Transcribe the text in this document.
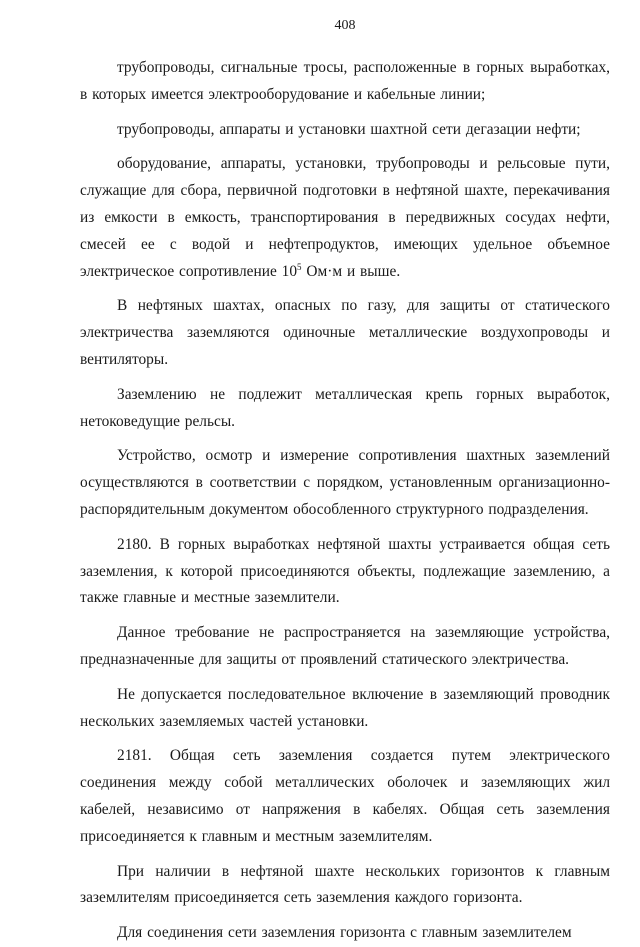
408

трубопроводы, сигнальные тросы, расположенные в горных выработках, в которых имеется электрооборудование и кабельные линии;

трубопроводы, аппараты и установки шахтной сети дегазации нефти;

оборудование, аппараты, установки, трубопроводы и рельсовые пути, служащие для сбора, первичной подготовки в нефтяной шахте, перекачивания из емкости в емкость, транспортирования в передвижных сосудах нефти, смесей ее с водой и нефтепродуктов, имеющих удельное объемное электрическое сопротивление $10^5$ Ом·м и выше.

В нефтяных шахтах, опасных по газу, для защиты от статического электричества заземляются одиночные металлические воздухопроводы и вентиляторы.

Заземлению не подлежит металлическая крепь горных выработок, нетоковедущие рельсы.

Устройство, осмотр и измерение сопротивления шахтных заземлений осуществляются в соответствии с порядком, установленным организационно-распорядительным документом обособленного структурного подразделения.

2180. В горных выработках нефтяной шахты устраивается общая сеть заземления, к которой присоединяются объекты, подлежащие заземлению, а также главные и местные заземлители.

Данное требование не распространяется на заземляющие устройства, предназначенные для защиты от проявлений статического электричества.

Не допускается последовательное включение в заземляющий проводник нескольких заземляемых частей установки.

2181. Общая сеть заземления создается путем электрического соединения между собой металлических оболочек и заземляющих жил кабелей, независимо от напряжения в кабелях. Общая сеть заземления присоединяется к главным и местным заземлителям.

При наличии в нефтяной шахте нескольких горизонтов к главным заземлителям присоединяется сеть заземления каждого горизонта.

Для соединения сети заземления горизонта с главным заземлителем
